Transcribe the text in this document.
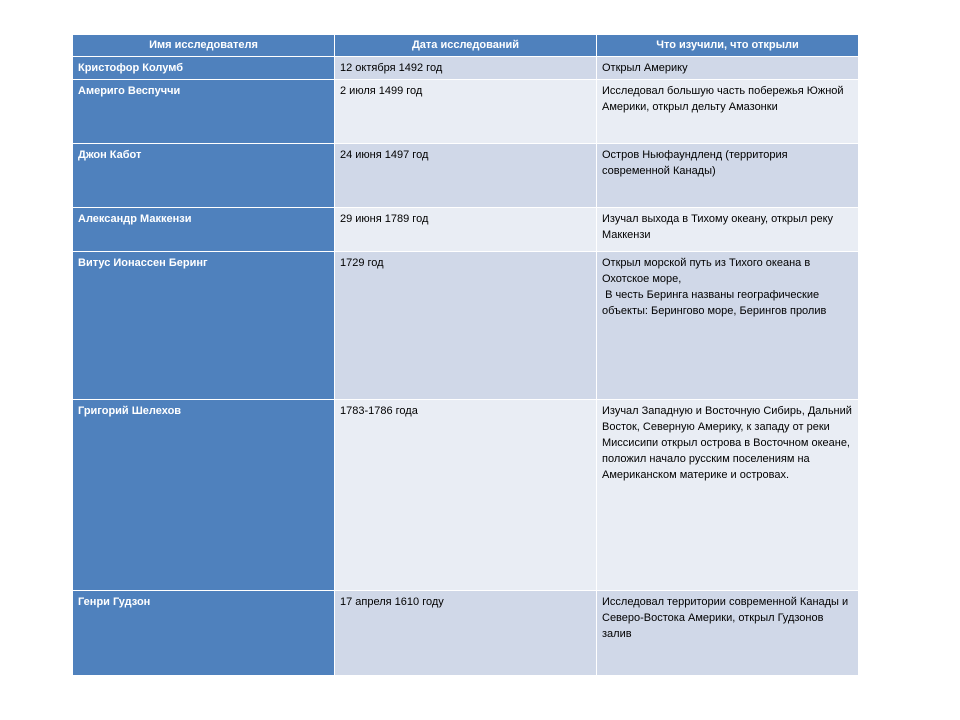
Имя исследователя	Дата исследований	Что изучили, что открыли
Кристофор Колумб	12 октября 1492 год	Открыл Америку

Америго Веспуччи	2 июля 1499 год	Исследовал большую часть побережья Южной Америки, открыл дельту Амазонки

Джон Кабот	24 июня 1497 год	Остров Ньюфаундленд (территория современной Канады)

Александр Маккензи	29 июня 1789 год	Изучал выхода в Тихому океану, открыл реку Маккензи

Витус Ионассен Беринг	1729 год	Открыл морской путь из Тихого океана в Охотское море,
В честь Беринга названы географические объекты: Берингово море, Берингов пролив

Григорий Шелехов	1783-1786 года	Изучал Западную и Восточную Сибирь, Дальний Восток, Северную Америку, к западу от реки Миссисипи открыл острова в Восточном океане, положил начало русским поселениям на Американском материке и островах.

Генри Гудзон	17 апреля 1610 году	Исследовал территории современной Канады и Северо-Востока Америки, открыл Гудзонов залив
